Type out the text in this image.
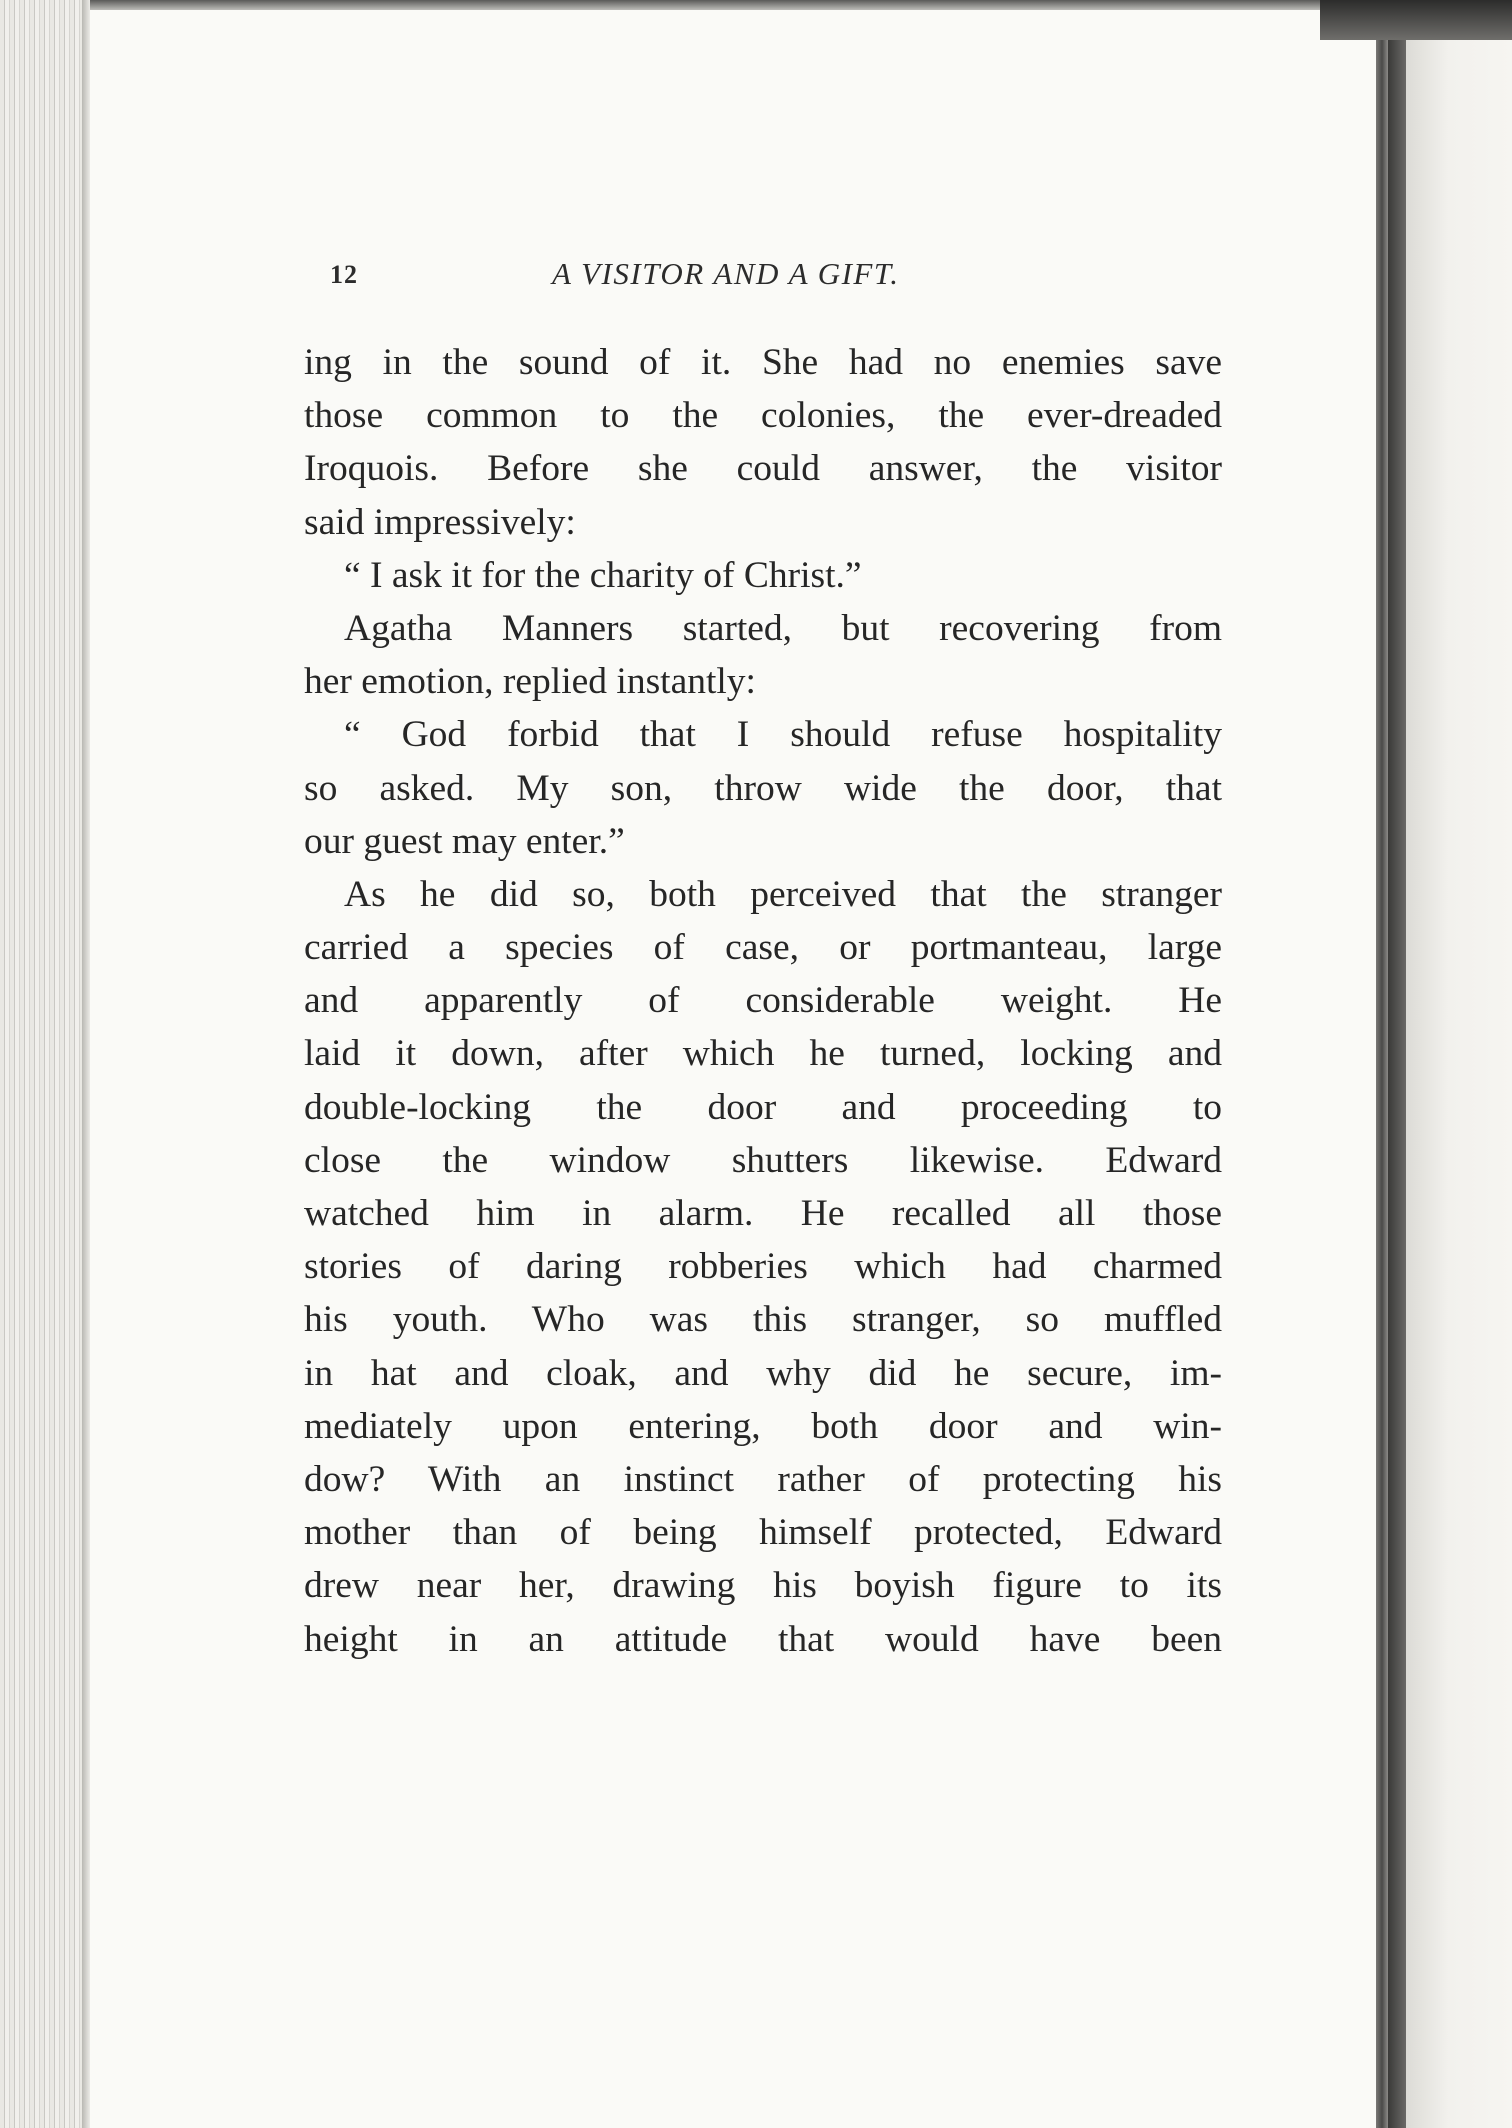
12	A VISITOR AND A GIFT.
ing in the sound of it. She had no enemies save
those common to the colonies, the ever-dreaded
Iroquois. Before she could answer, the visitor
said impressively:
“ I ask it for the charity of Christ.”
Agatha Manners started, but recovering from
her emotion, replied instantly:
“ God forbid that I should refuse hospitality
so asked. My son, throw wide the door, that
our guest may enter.”
As he did so, both perceived that the stranger
carried a species of case, or portmanteau, large
and apparently of considerable weight. He
laid it down, after which he turned, locking and
double-locking the door and proceeding to
close the window shutters likewise. Edward
watched him in alarm. He recalled all those
stories of daring robberies which had charmed
his youth. Who was this stranger, so muffled
in hat and cloak, and why did he secure, im-
mediately upon entering, both door and win-
dow? With an instinct rather of protecting his
mother than of being himself protected, Edward
drew near her, drawing his boyish figure to its
height in an attitude that would have been
